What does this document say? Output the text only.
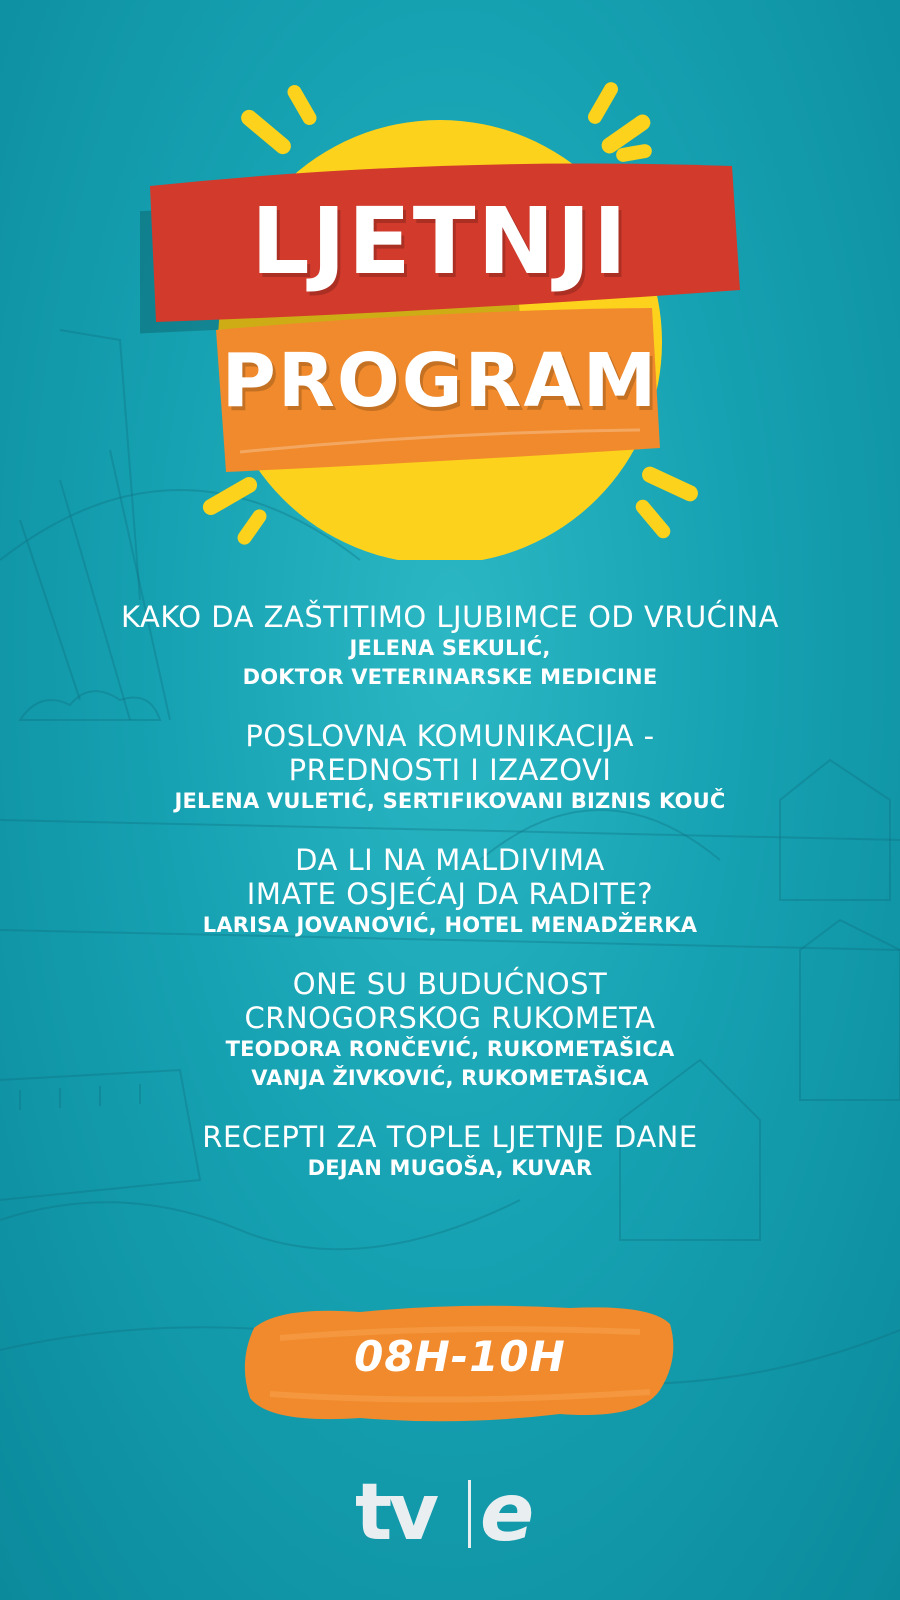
LJETNJI
PROGRAM
KAKO DA ZAŠTITIMO LJUBIMCE OD VRUĆINA
JELENA SEKULIĆ,
DOKTOR VETERINARSKE MEDICINE
POSLOVNA KOMUNIKACIJA -
PREDNOSTI I IZAZOVI
JELENA VULETIĆ, SERTIFIKOVANI BIZNIS KOUČ
DA LI NA MALDIVIMA
IMATE OSJEĆAJ DA RADITE?
LARISA JOVANOVIĆ, HOTEL MENADŽERKA
ONE SU BUDUĆNOST
CRNOGORSKOG RUKOMETA
TEODORA RONČEVIĆ, RUKOMETAŠICA
VANJA ŽIVKOVIĆ, RUKOMETAŠICA
RECEPTI ZA TOPLE LJETNJE DANE
DEJAN MUGOŠA, KUVAR
08H-10H
tv e
